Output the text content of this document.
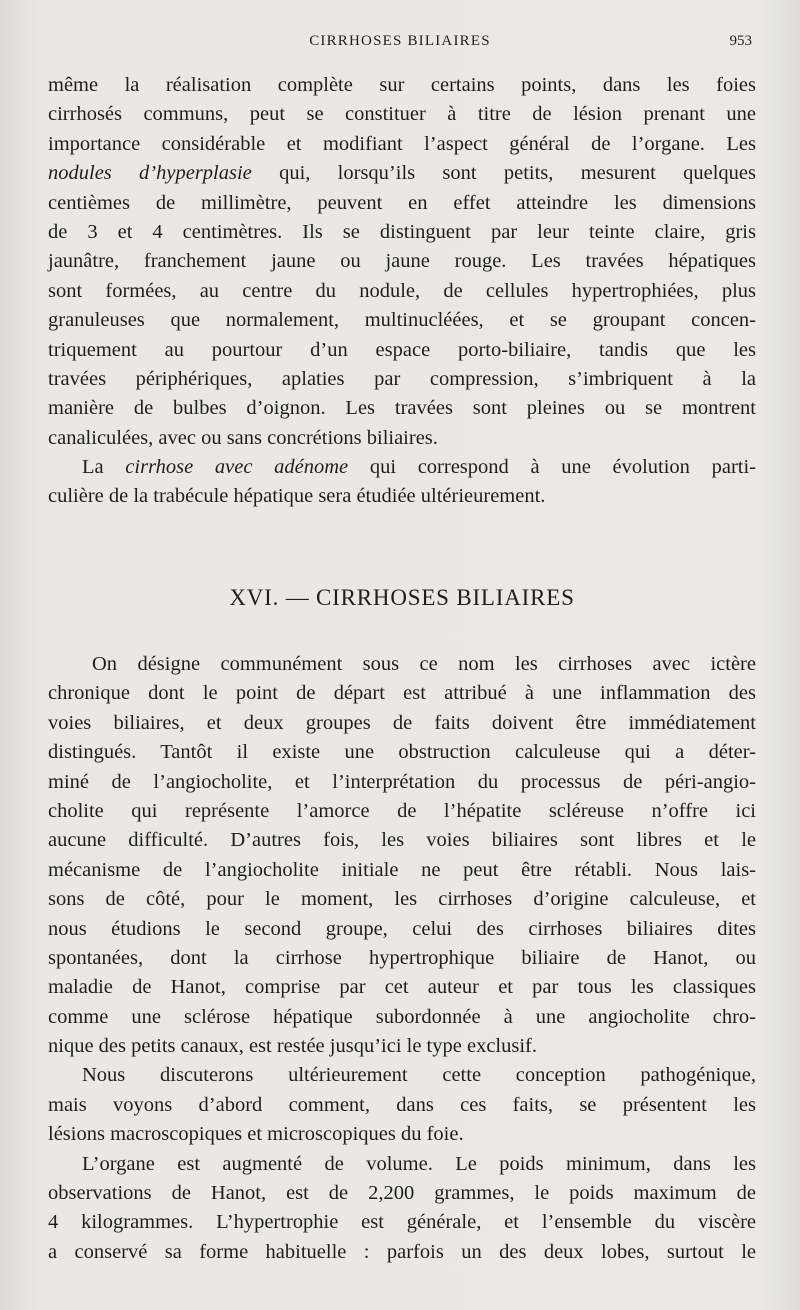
CIRRHOSES BILIAIRES	953
même la réalisation complète sur certains points, dans les foies
cirrhosés communs, peut se constituer à titre de lésion prenant une
importance considérable et modifiant l’aspect général de l’organe. Les
nodules d’hyperplasie qui, lorsqu’ils sont petits, mesurent quelques
centièmes de millimètre, peuvent en effet atteindre les dimensions
de 3 et 4 centimètres. Ils se distinguent par leur teinte claire, gris
jaunâtre, franchement jaune ou jaune rouge. Les travées hépatiques
sont formées, au centre du nodule, de cellules hypertrophiées, plus
granuleuses que normalement, multinucléées, et se groupant concen-
triquement au pourtour d’un espace porto-biliaire, tandis que les
travées périphériques, aplaties par compression, s’imbriquent à la
manière de bulbes d’oignon. Les travées sont pleines ou se montrent
canaliculées, avec ou sans concrétions biliaires.
La cirrhose avec adénome qui correspond à une évolution parti-
culière de la trabécule hépatique sera étudiée ultérieurement.
XVI. — CIRRHOSES BILIAIRES
On désigne communément sous ce nom les cirrhoses avec ictère
chronique dont le point de départ est attribué à une inflammation des
voies biliaires, et deux groupes de faits doivent être immédiatement
distingués. Tantôt il existe une obstruction calculeuse qui a déter-
miné de l’angiocholite, et l’interprétation du processus de péri-angio-
cholite qui représente l’amorce de l’hépatite scléreuse n’offre ici
aucune difficulté. D’autres fois, les voies biliaires sont libres et le
mécanisme de l’angiocholite initiale ne peut être rétabli. Nous lais-
sons de côté, pour le moment, les cirrhoses d’origine calculeuse, et
nous étudions le second groupe, celui des cirrhoses biliaires dites
spontanées, dont la cirrhose hypertrophique biliaire de Hanot, ou
maladie de Hanot, comprise par cet auteur et par tous les classiques
comme une sclérose hépatique subordonnée à une angiocholite chro-
nique des petits canaux, est restée jusqu’ici le type exclusif.
Nous discuterons ultérieurement cette conception pathogénique,
mais voyons d’abord comment, dans ces faits, se présentent les
lésions macroscopiques et microscopiques du foie.
L’organe est augmenté de volume. Le poids minimum, dans les
observations de Hanot, est de 2,200 grammes, le poids maximum de
4 kilogrammes. L’hypertrophie est générale, et l’ensemble du viscère
a conservé sa forme habituelle : parfois un des deux lobes, surtout le
